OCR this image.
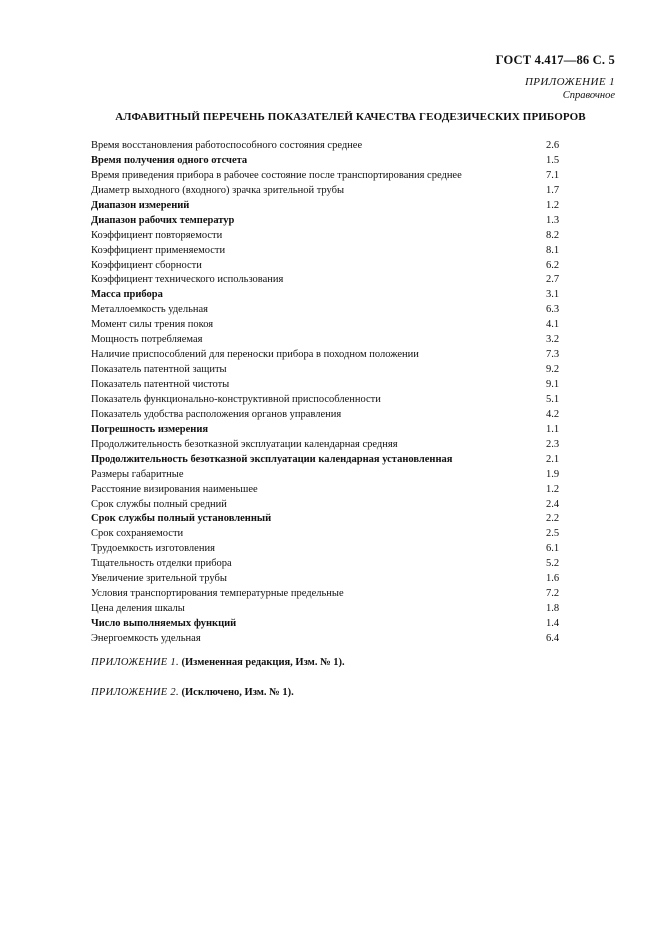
ГОСТ 4.417—86 С. 5
ПРИЛОЖЕНИЕ 1
Справочное
АЛФАВИТНЫЙ ПЕРЕЧЕНЬ ПОКАЗАТЕЛЕЙ КАЧЕСТВА ГЕОДЕЗИЧЕСКИХ ПРИБОРОВ
Время восстановления работоспособного состояния среднее	2.6
Время получения одного отсчета	1.5
Время приведения прибора в рабочее состояние после транспортирования среднее	7.1
Диаметр выходного (входного) зрачка зрительной трубы	1.7
Диапазон измерений	1.2
Диапазон рабочих температур	1.3
Коэффициент повторяемости	8.2
Коэффициент применяемости	8.1
Коэффициент сборности	6.2
Коэффициент технического использования	2.7
Масса прибора	3.1
Металлоемкость удельная	6.3
Момент силы трения покоя	4.1
Мощность потребляемая	3.2
Наличие приспособлений для переноски прибора в походном положении	7.3
Показатель патентной защиты	9.2
Показатель патентной чистоты	9.1
Показатель функционально-конструктивной приспособленности	5.1
Показатель удобства расположения органов управления	4.2
Погрешность измерения	1.1
Продолжительность безотказной эксплуатации календарная средняя	2.3
Продолжительность безотказной эксплуатации календарная установленная	2.1
Размеры габаритные	1.9
Расстояние визирования наименьшее	1.2
Срок службы полный средний	2.4
Срок службы полный установленный	2.2
Срок сохраняемости	2.5
Трудоемкость изготовления	6.1
Тщательность отделки прибора	5.2
Увеличение зрительной трубы	1.6
Условия транспортирования температурные предельные	7.2
Цена деления шкалы	1.8
Число выполняемых функций	1.4
Энергоемкость удельная	6.4

ПРИЛОЖЕНИЕ 1. (Измененная редакция, Изм. № 1).

ПРИЛОЖЕНИЕ 2. (Исключено, Изм. № 1).
